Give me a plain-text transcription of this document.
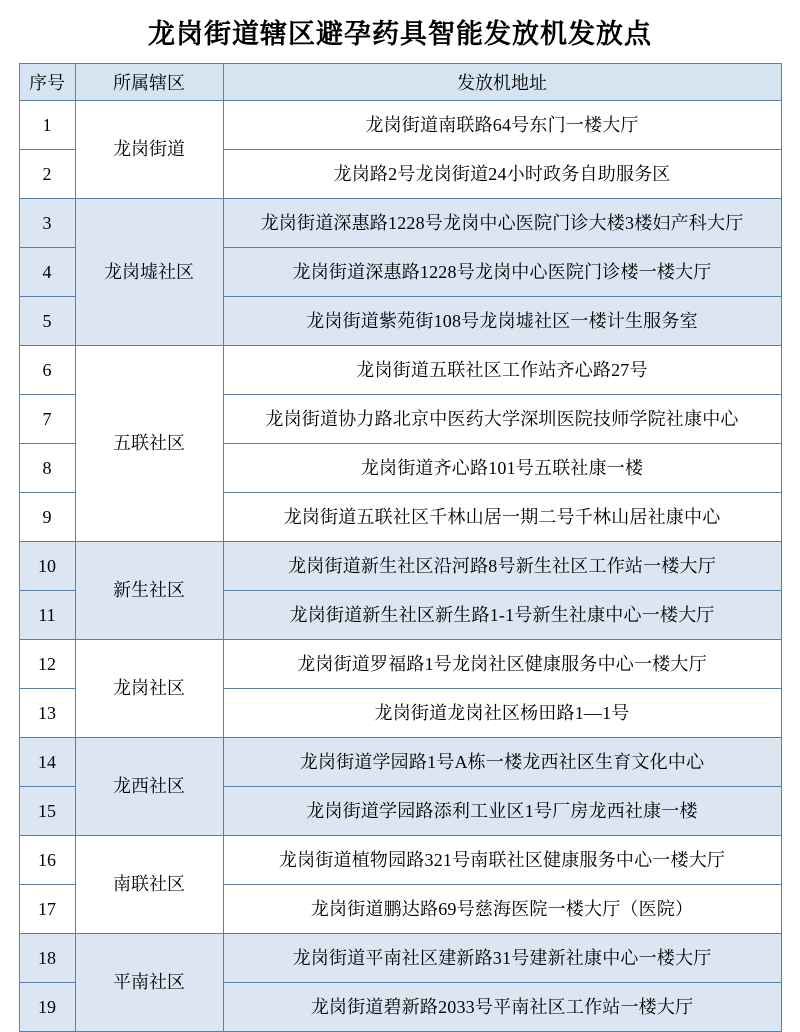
龙岗街道辖区避孕药具智能发放机发放点
序号	所属辖区	发放机地址
1	龙岗街道	龙岗街道南联路64号东门一楼大厅
2		龙岗路2号龙岗街道24小时政务自助服务区
3	龙岗墟社区	龙岗街道深惠路1228号龙岗中心医院门诊大楼3楼妇产科大厅
4		龙岗街道深惠路1228号龙岗中心医院门诊楼一楼大厅
5		龙岗街道紫苑街108号龙岗墟社区一楼计生服务室
6	五联社区	龙岗街道五联社区工作站齐心路27号
7		龙岗街道协力路北京中医药大学深圳医院技师学院社康中心
8		龙岗街道齐心路101号五联社康一楼
9		龙岗街道五联社区千林山居一期二号千林山居社康中心
10	新生社区	龙岗街道新生社区沿河路8号新生社区工作站一楼大厅
11		龙岗街道新生社区新生路1-1号新生社康中心一楼大厅
12	龙岗社区	龙岗街道罗福路1号龙岗社区健康服务中心一楼大厅
13		龙岗街道龙岗社区杨田路1—1号
14	龙西社区	龙岗街道学园路1号A栋一楼龙西社区生育文化中心
15		龙岗街道学园路添利工业区1号厂房龙西社康一楼
16	南联社区	龙岗街道植物园路321号南联社区健康服务中心一楼大厅
17		龙岗街道鹏达路69号慈海医院一楼大厅（医院）
18	平南社区	龙岗街道平南社区建新路31号建新社康中心一楼大厅
19		龙岗街道碧新路2033号平南社区工作站一楼大厅
